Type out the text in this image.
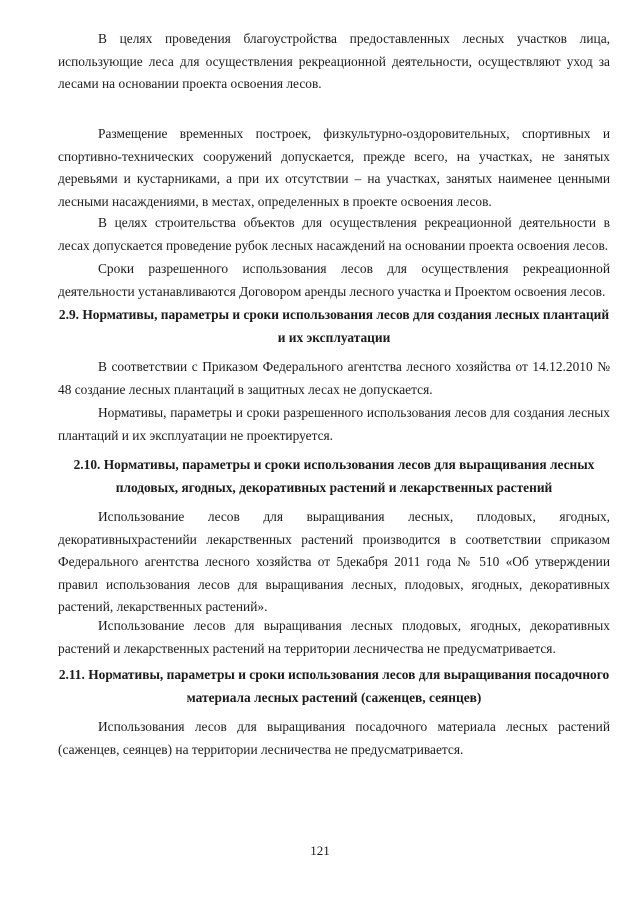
В целях проведения благоустройства предоставленных лесных участков лица, использующие леса для осуществления рекреационной деятельности, осуществляют уход за лесами на основании проекта освоения лесов.

Размещение временных построек, физкультурно-оздоровительных, спортивных и спортивно-технических сооружений допускается, прежде всего, на участках, не занятых деревьями и кустарниками, а при их отсутствии – на участках, занятых наименее ценными лесными насаждениями, в местах, определенных в проекте освоения лесов.

В целях строительства объектов для осуществления рекреационной деятельности в лесах допускается проведение рубок лесных насаждений на основании проекта освоения лесов.

Сроки разрешенного использования лесов для осуществления рекреационной деятельности устанавливаются Договором аренды лесного участка и Проектом освоения лесов.

2.9. Нормативы, параметры и сроки использования лесов для создания лесных плантаций и их эксплуатации

В соответствии с Приказом Федерального агентства лесного хозяйства от 14.12.2010 № 48 создание лесных плантаций в защитных лесах не допускается.

Нормативы, параметры и сроки разрешенного использования лесов для создания лесных плантаций и их эксплуатации не проектируется.

2.10. Нормативы, параметры и сроки использования лесов для выращивания лесных плодовых, ягодных, декоративных растений и лекарственных растений

Использование лесов для выращивания лесных, плодовых, ягодных, декоративныхрастенийи лекарственных растений производится в соответствии сприказом Федерального агентства лесного хозяйства от 5декабря 2011 года № 510 «Об утверждении правил использования лесов для выращивания лесных, плодовых, ягодных, декоративных растений, лекарственных растений».

Использование лесов для выращивания лесных плодовых, ягодных, декоративных растений и лекарственных растений на территории лесничества не предусматривается.

2.11. Нормативы, параметры и сроки использования лесов для выращивания посадочного материала лесных растений (саженцев, сеянцев)

Использования лесов для выращивания посадочного материала лесных растений (саженцев, сеянцев) на территории лесничества не предусматривается.

121
